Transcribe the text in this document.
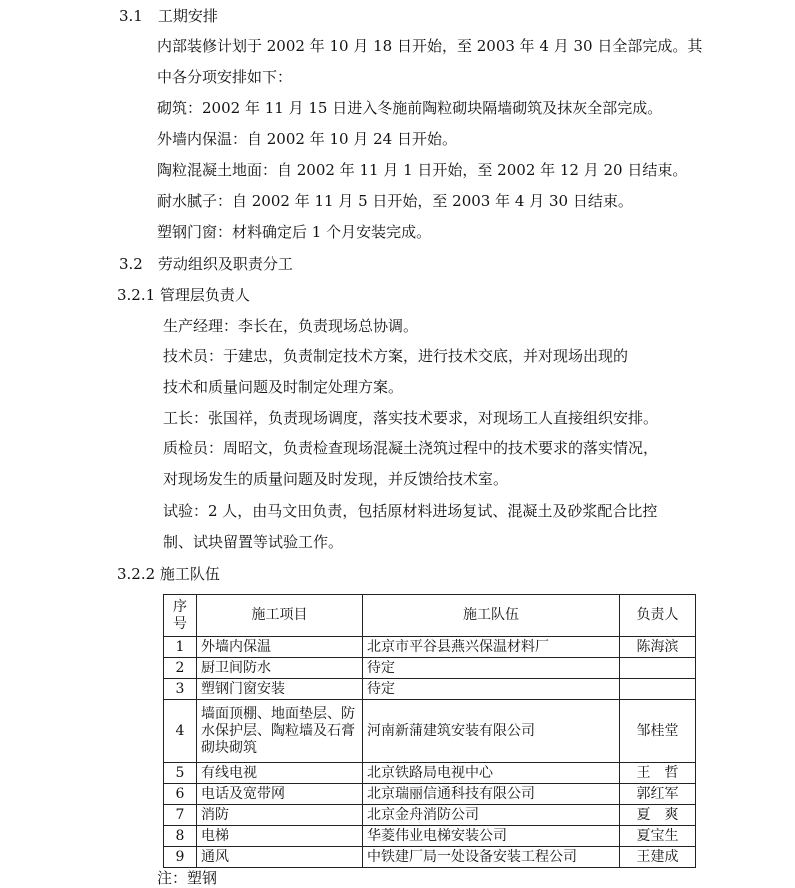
3.1　工期安排
内部装修计划于 2002 年 10 月 18 日开始，至 2003 年 4 月 30 日全部完成。其
中各分项安排如下：
砌筑：2002 年 11 月 15 日进入冬施前陶粒砌块隔墙砌筑及抹灰全部完成。
外墙内保温：自 2002 年 10 月 24 日开始。
陶粒混凝土地面：自 2002 年 11 月 1 日开始，至 2002 年 12 月 20 日结束。
耐水腻子：自 2002 年 11 月 5 日开始，至 2003 年 4 月 30 日结束。
塑钢门窗：材料确定后 1 个月安装完成。
3.2　劳动组织及职责分工
3.2.1 管理层负责人
生产经理：李长在，负责现场总协调。
技术员：于建忠，负责制定技术方案，进行技术交底，并对现场出现的
技术和质量问题及时制定处理方案。
工长：张国祥，负责现场调度，落实技术要求，对现场工人直接组织安排。
质检员：周昭文，负责检查现场混凝土浇筑过程中的技术要求的落实情况，
对现场发生的质量问题及时发现，并反馈给技术室。
试验：2 人，由马文田负责，包括原材料进场复试、混凝土及砂浆配合比控
制、试块留置等试验工作。
3.2.2 施工队伍
序号	施工项目	施工队伍	负责人
1	外墙内保温	北京市平谷县燕兴保温材料厂	陈海滨
2	厨卫间防水	待定	
3	塑钢门窗安装	待定	
4	墙面顶棚、地面垫层、防水保护层、陶粒墙及石膏砌块砌筑	河南新蒲建筑安装有限公司	邹桂堂
5	有线电视	北京铁路局电视中心	王　哲
6	电话及宽带网	北京瑞丽信通科技有限公司	郭红军
7	消防	北京金舟消防公司	夏　爽
8	电梯	华菱伟业电梯安装公司	夏宝生
9	通风	中铁建厂局一处设备安装工程公司	王建成
注：塑钢
